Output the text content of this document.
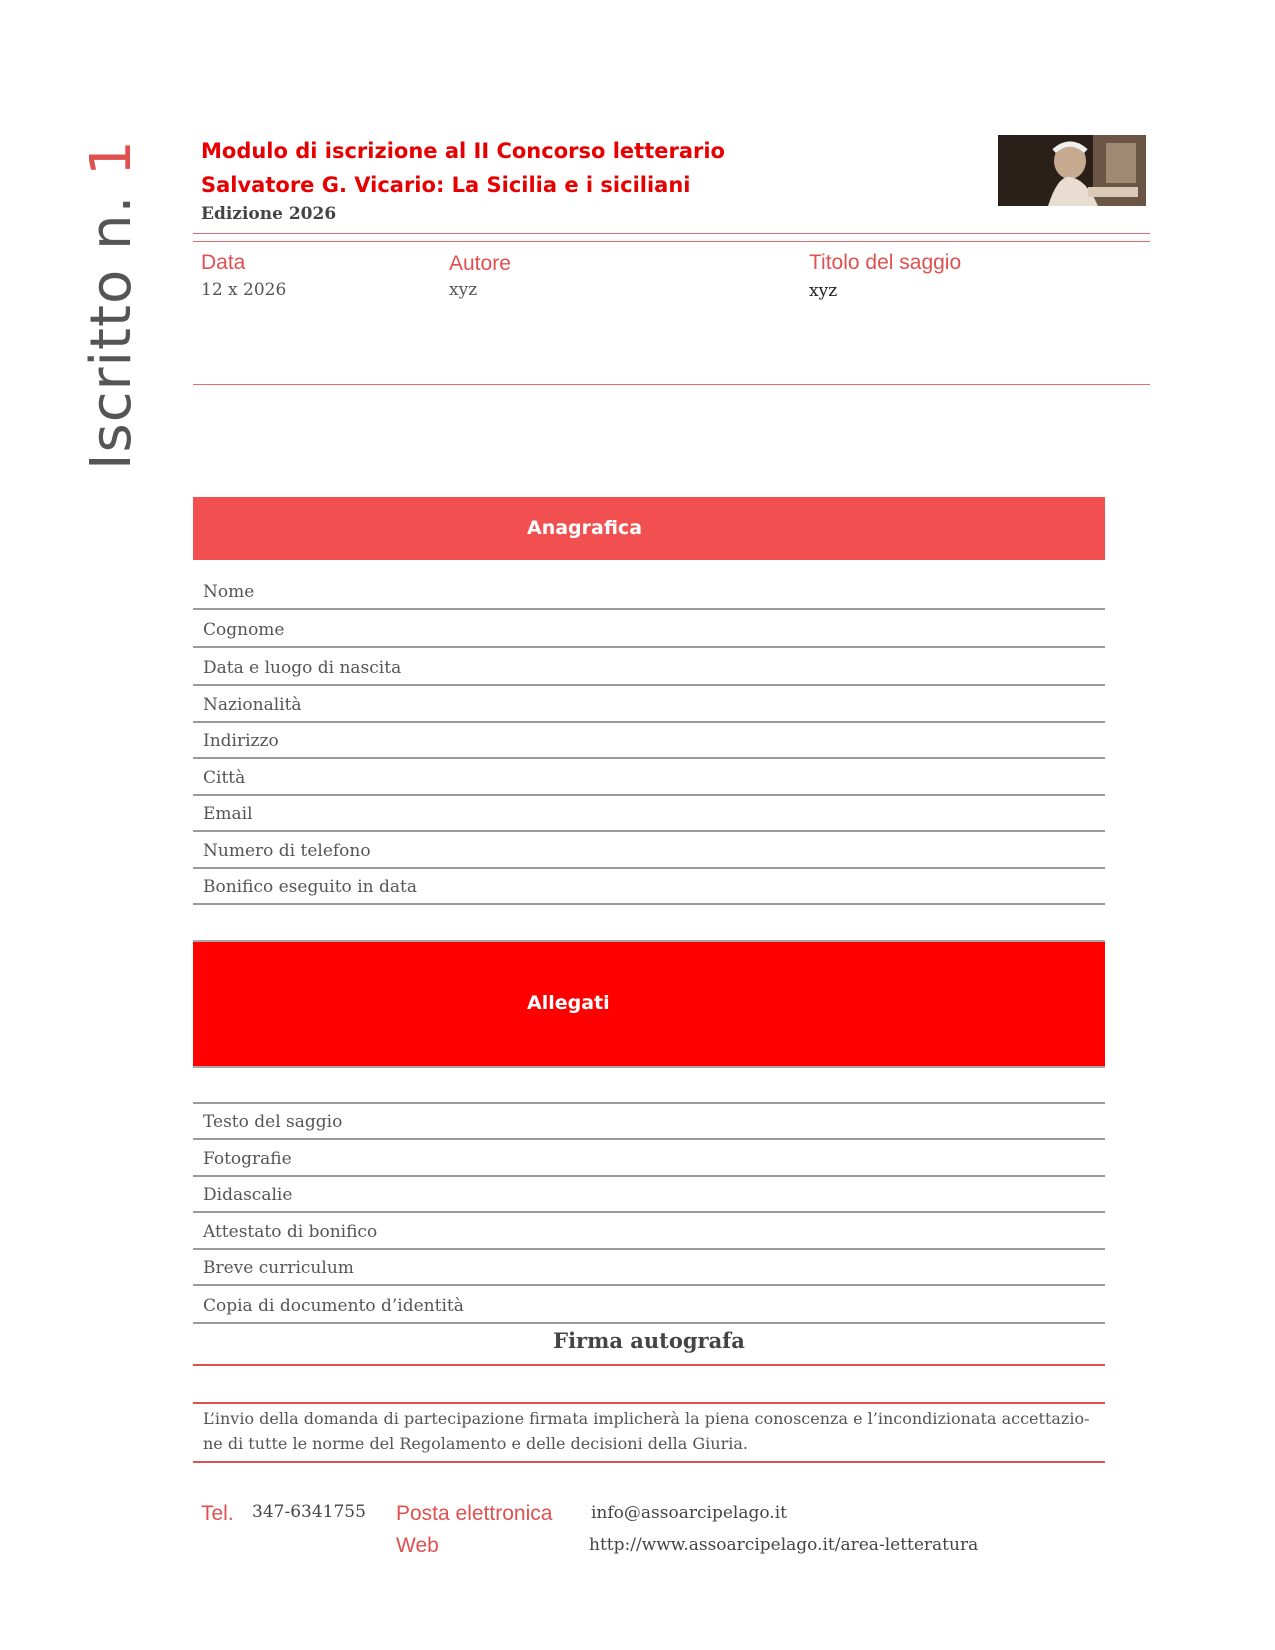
Iscritto n. 1	Modulo di iscrizione al II Concorso letterario
Salvatore G. Vicario: La Sicilia e i siciliani
Edizione 2026
Data
12 x 2026
Autore
xyz
Titolo del saggio
xyz
Anagrafica
Nome
Cognome
Data e luogo di nascita
Nazionalità
Indirizzo
Città
Email
Numero di telefono
Bonifico eseguito in data
Allegati
Testo del saggio
Fotografie
Didascalie
Attestato di bonifico
Breve curriculum
Copia di documento d’identità
Firma autografa
L’invio della domanda di partecipazione firmata implicherà la piena conoscenza e l’incondizionata accettazio-
ne di tutte le norme del Regolamento e delle decisioni della Giuria.
Tel. 347-6341755 Posta elettronica info@assoarcipelago.it
Web	http://www.assoarcipelago.it/area-letteratura
